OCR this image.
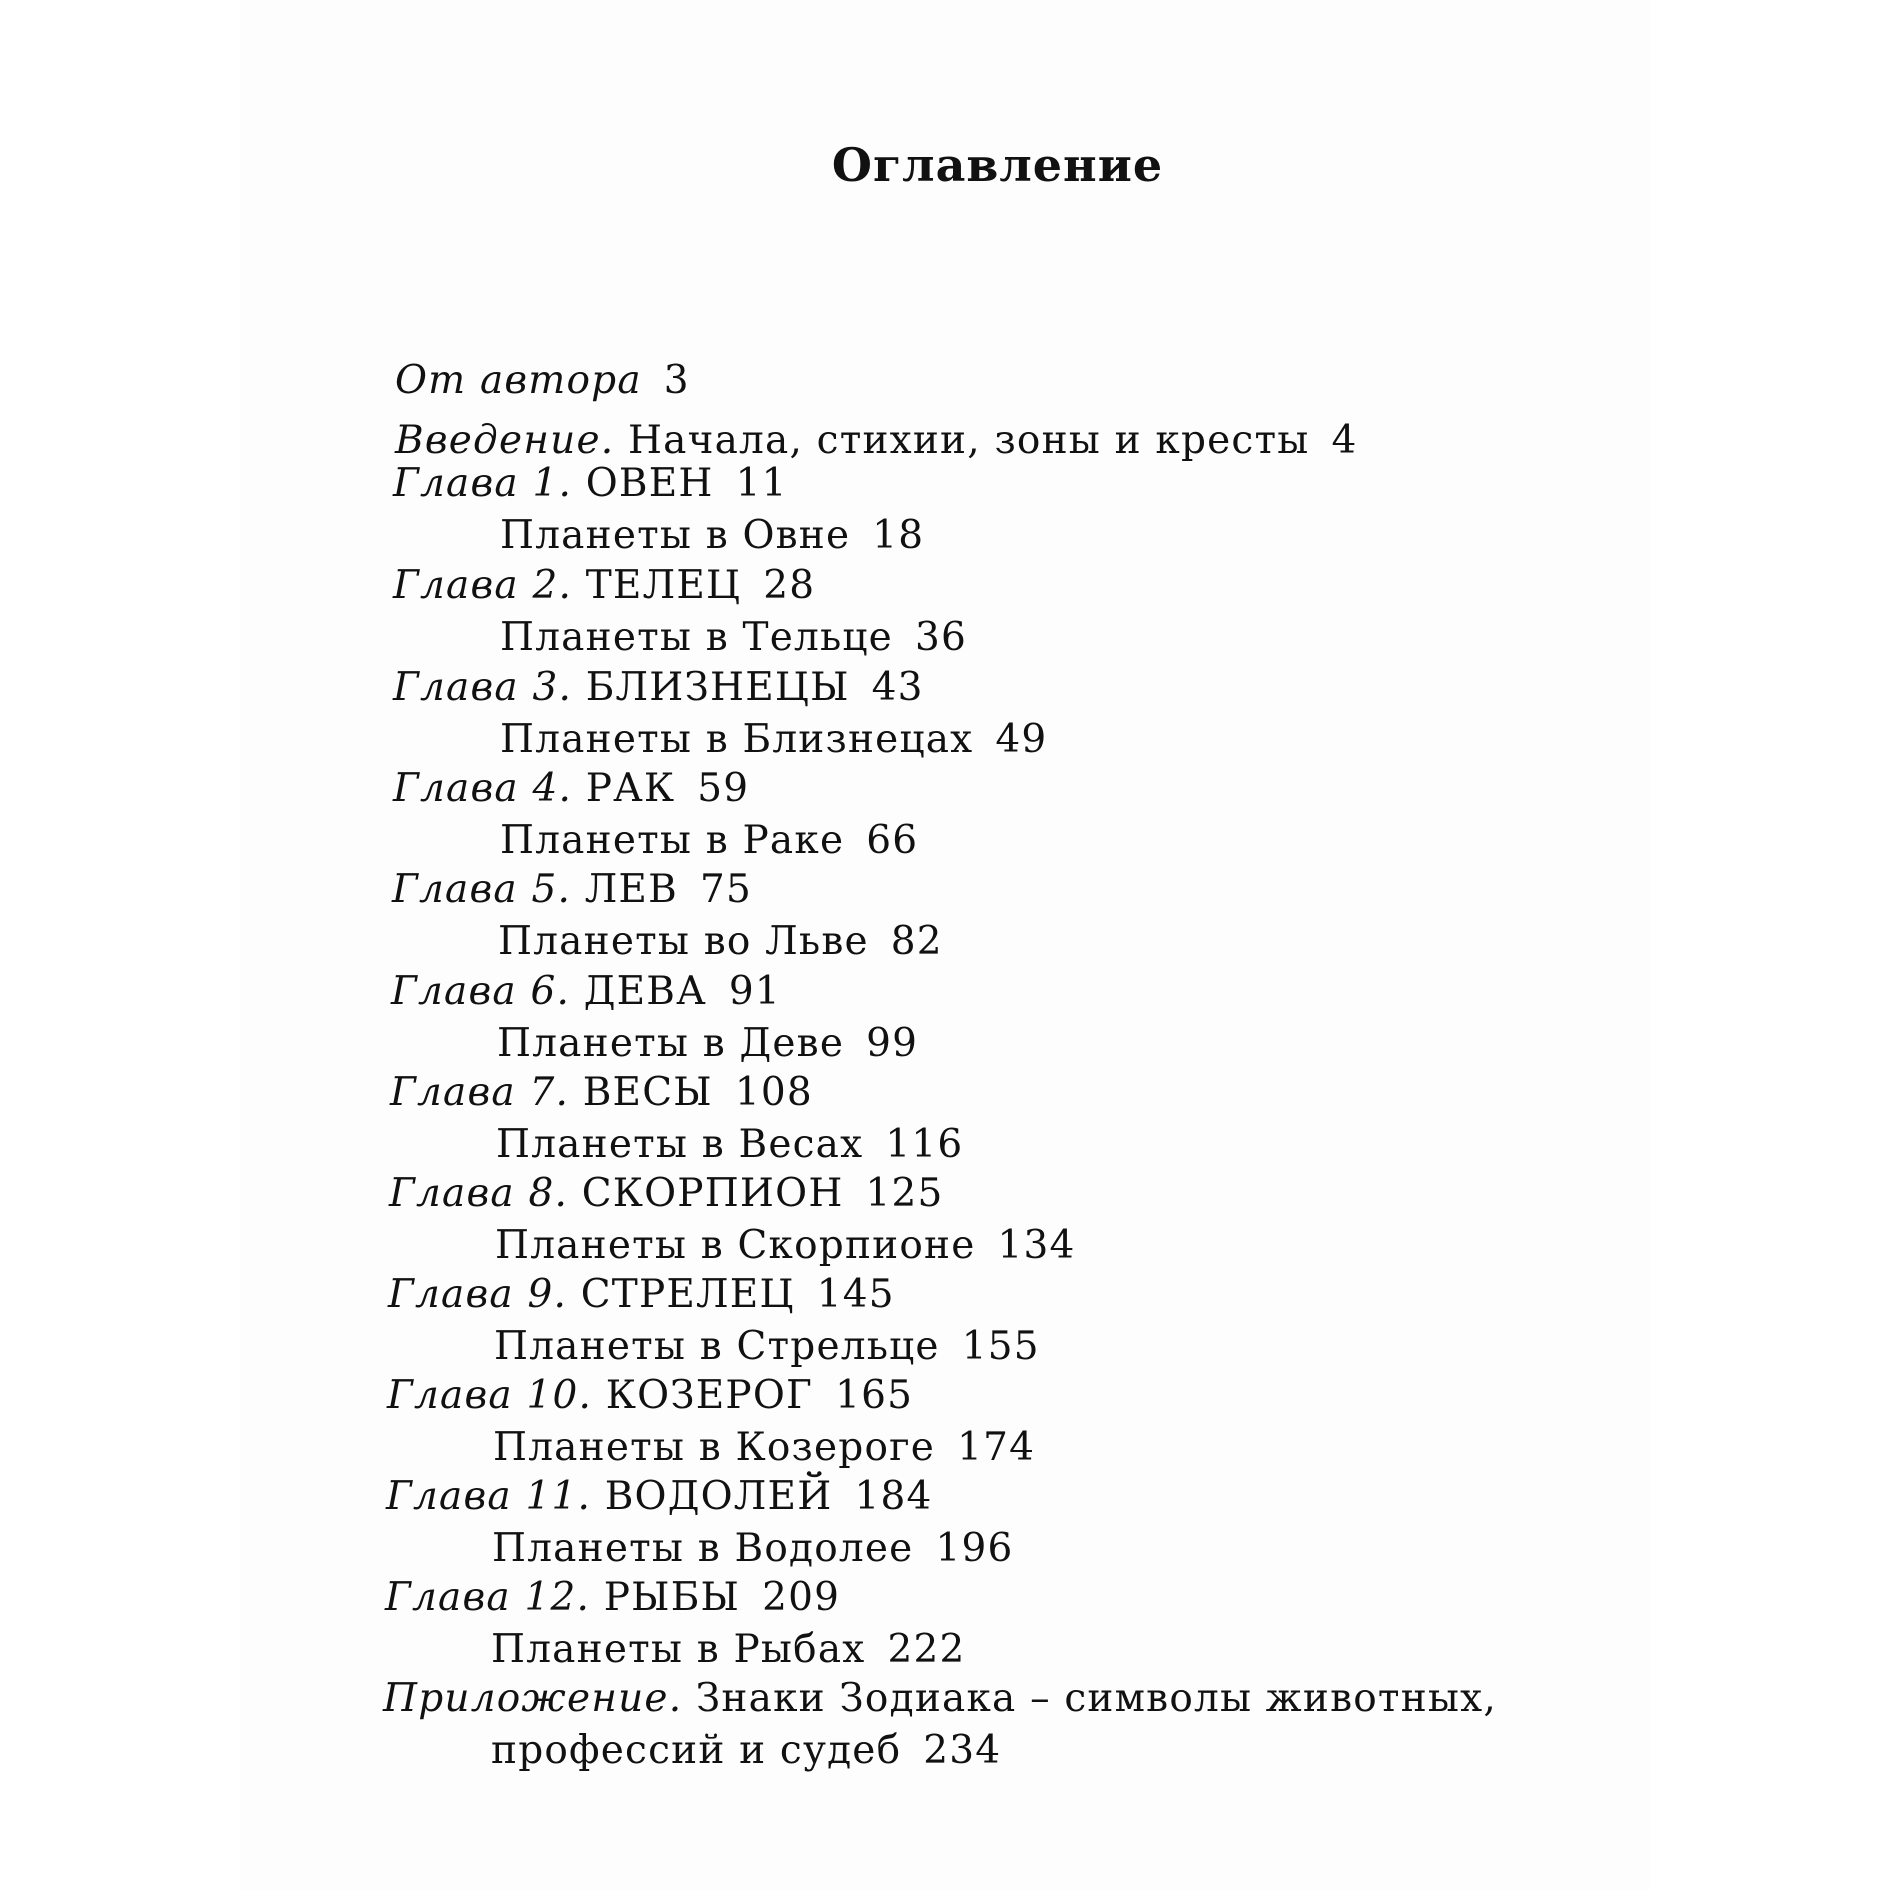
Оглавление
От автора 3
Введение. Начала, стихии, зоны и кресты 4
Глава 1. ОВЕН 11
Планеты в Овне 18
Глава 2. ТЕЛЕЦ 28
Планеты в Тельце 36
Глава 3. БЛИЗНЕЦЫ 43
Планеты в Близнецах 49
Глава 4. РАК 59
Планеты в Раке 66
Глава 5. ЛЕВ 75
Планеты во Льве 82
Глава 6. ДЕВА 91
Планеты в Деве 99
Глава 7. ВЕСЫ 108
Планеты в Весах 116
Глава 8. СКОРПИОН 125
Планеты в Скорпионе 134
Глава 9. СТРЕЛЕЦ 145
Планеты в Стрельце 155
Глава 10. КОЗЕРОГ 165
Планеты в Козероге 174
Глава 11. ВОДОЛЕЙ 184
Планеты в Водолее 196
Глава 12. РЫБЫ 209
Планеты в Рыбах 222
Приложение. Знаки Зодиака – символы животных,
профессий и судеб 234
